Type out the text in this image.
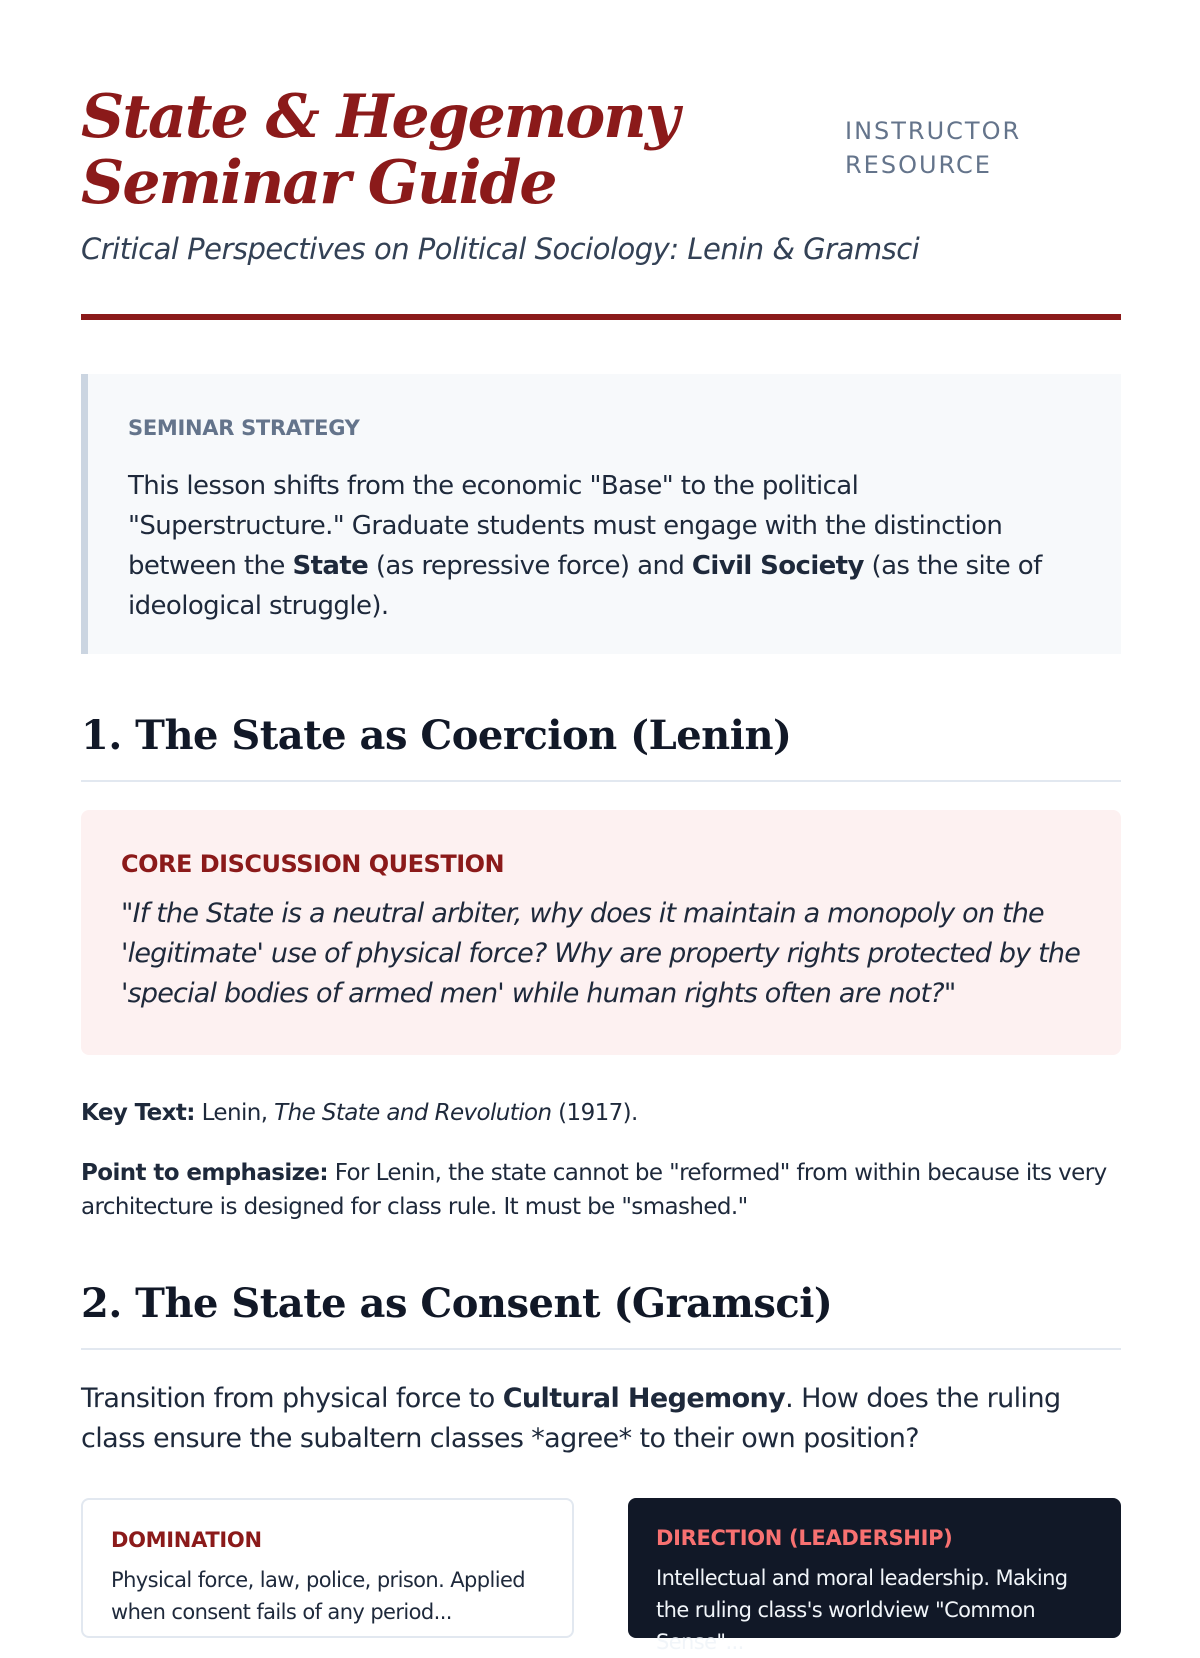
State & Hegemony Seminar Guide
INSTRUCTOR RESOURCE

Critical Perspectives on Political Sociology: Lenin & Gramsci

SEMINAR STRATEGY

This lesson shifts from the economic "Base" to the political "Superstructure." Graduate students must engage with the distinction between the State (as repressive force) and Civil Society (as the site of ideological struggle).

1. The State as Coercion (Lenin)

CORE DISCUSSION QUESTION

"If the State is a neutral arbiter, why does it maintain a monopoly on the 'legitimate' use of physical force? Why are property rights protected by the 'special bodies of armed men' while human rights often are not?"

Key Text: Lenin, The State and Revolution (1917).

Point to emphasize: For Lenin, the state cannot be "reformed" from within because its very architecture is designed for class rule. It must be "smashed."

2. The State as Consent (Gramsci)

Transition from physical force to Cultural Hegemony. How does the ruling class ensure the subaltern classes *agree* to their own position?

DOMINATION

Physical force, law, police, prison. Applied when consent fails of any period...

DIRECTION (LEADERSHIP)

Intellectual and moral leadership. Making the ruling class's worldview "Common Sense"...
